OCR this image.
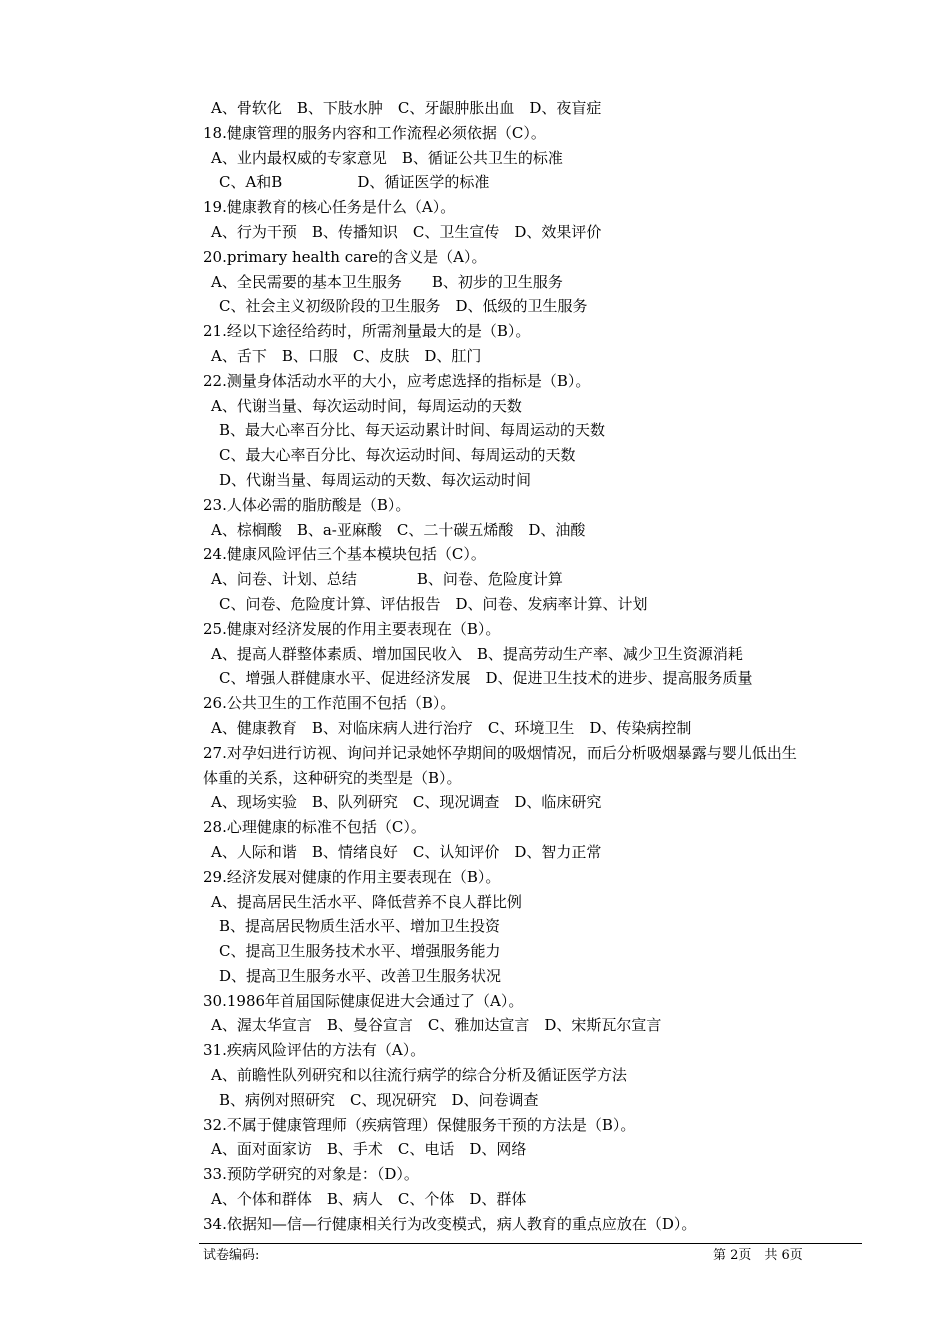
A、骨软化　B、下肢水肿　C、牙龈肿胀出血　D、夜盲症
18.健康管理的服务内容和工作流程必须依据（C）。
A、业内最权威的专家意见　B、循证公共卫生的标准
C、A和B　　　　　D、循证医学的标准
19.健康教育的核心任务是什么（A）。
A、行为干预　B、传播知识　C、卫生宣传　D、效果评价
20.primary health care的含义是（A）。
A、全民需要的基本卫生服务　　B、初步的卫生服务
C、社会主义初级阶段的卫生服务　D、低级的卫生服务
21.经以下途径给药时，所需剂量最大的是（B）。
A、舌下　B、口服　C、皮肤　D、肛门
22.测量身体活动水平的大小，应考虑选择的指标是（B）。
A、代谢当量、每次运动时间，每周运动的天数
B、最大心率百分比、每天运动累计时间、每周运动的天数
C、最大心率百分比、每次运动时间、每周运动的天数
D、代谢当量、每周运动的天数、每次运动时间
23.人体必需的脂肪酸是（B）。
A、棕榈酸　B、a-亚麻酸　C、二十碳五烯酸　D、油酸
24.健康风险评估三个基本模块包括（C）。
A、问卷、计划、总结　　　　B、问卷、危险度计算
C、问卷、危险度计算、评估报告　D、问卷、发病率计算、计划
25.健康对经济发展的作用主要表现在（B）。
A、提高人群整体素质、增加国民收入　B、提高劳动生产率、减少卫生资源消耗
C、增强人群健康水平、促进经济发展　D、促进卫生技术的进步、提高服务质量
26.公共卫生的工作范围不包括（B）。
A、健康教育　B、对临床病人进行治疗　C、环境卫生　D、传染病控制
27.对孕妇进行访视、询问并记录她怀孕期间的吸烟情况，而后分析吸烟暴露与婴儿低出生
体重的关系，这种研究的类型是（B）。
A、现场实验　B、队列研究　C、现况调查　D、临床研究
28.心理健康的标准不包括（C）。
A、人际和谐　B、情绪良好　C、认知评价　D、智力正常
29.经济发展对健康的作用主要表现在（B）。
A、提高居民生活水平、降低营养不良人群比例
B、提高居民物质生活水平、增加卫生投资
C、提高卫生服务技术水平、增强服务能力
D、提高卫生服务水平、改善卫生服务状况
30.1986年首届国际健康促进大会通过了（A）。
A、渥太华宣言　B、曼谷宣言　C、雅加达宣言　D、宋斯瓦尔宣言
31.疾病风险评估的方法有（A）。
A、前瞻性队列研究和以往流行病学的综合分析及循证医学方法
B、病例对照研究　C、现况研究　D、问卷调查
32.不属于健康管理师（疾病管理）保健服务干预的方法是（B）。
A、面对面家访　B、手术　C、电话　D、网络
33.预防学研究的对象是：（D）。
A、个体和群体　B、病人　C、个体　D、群体
34.依据知—信—行健康相关行为改变模式，病人教育的重点应放在（D）。
试卷编码:	第 2页　共 6页
